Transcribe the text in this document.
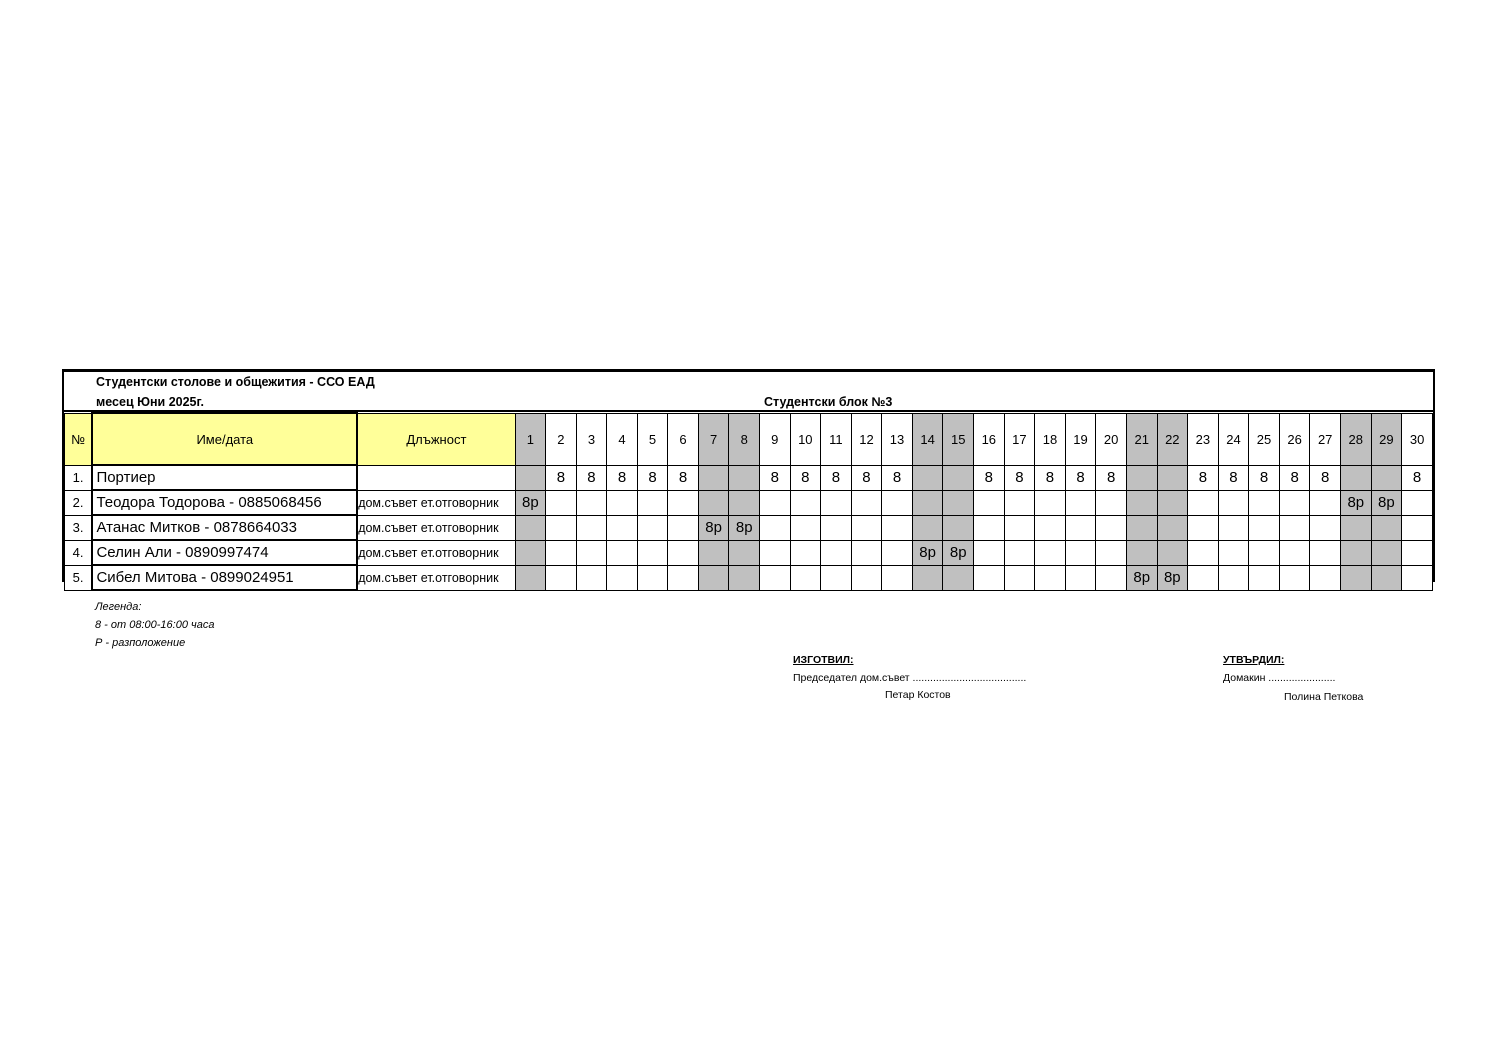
Студентски столове и общежития - ССО ЕАД
месец Юни 2025г.	Студентски блок №3
№	Име/дата	Длъжност	1	2	3	4	5	6	7	8	9	10	11	12	13	14	15	16	17	18	19	20	21	22	23	24	25	26	27	28	29	30
1.	Портиер			8	8	8	8	8			8	8	8	8	8			8	8	8	8	8			8	8	8	8	8			8
2.	Теодора Тодорова - 0885068456	дом.съвет ет.отговорник	8р																											8р	8р	
3.	Атанас Митков - 0878664033	дом.съвет ет.отговорник							8р	8р																						
4.	Селин Али - 0890997474	дом.съвет ет.отговорник														8р	8р															
5.	Сибел Митова - 0899024951	дом.съвет ет.отговорник																					8р	8р								
Легенда:
8 - от 08:00-16:00 часа
Р - разположение
ИЗГОТВИЛ:
Председател дом.съвет .......................................
Петар Костов
УТВЪРДИЛ:
Домакин .......................
Полина Петкова
